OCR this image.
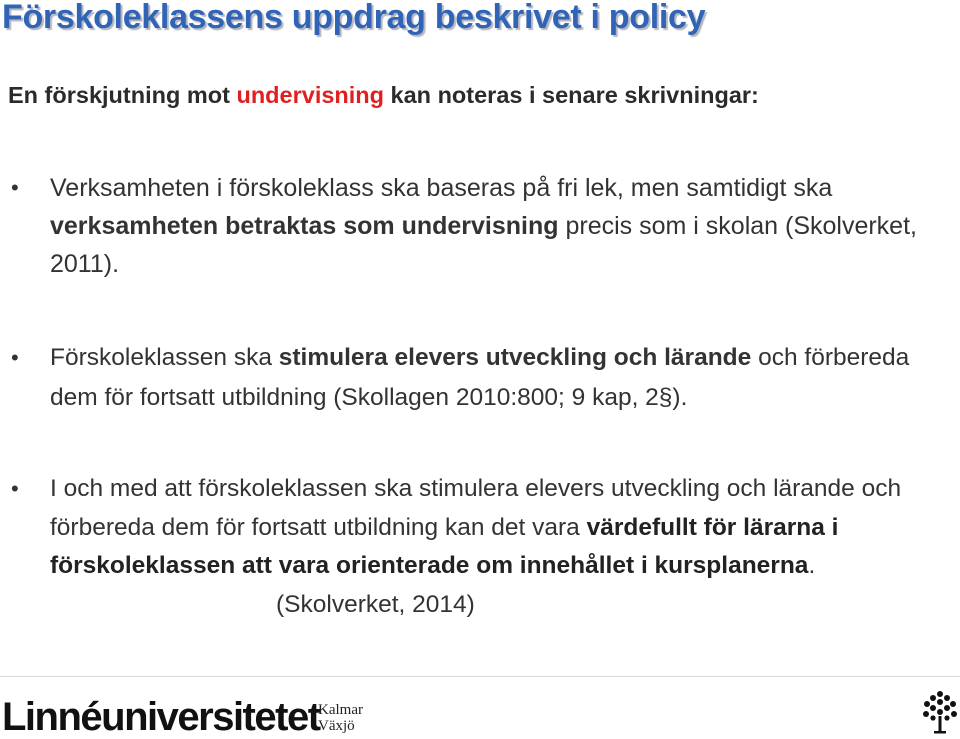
Förskoleklassens uppdrag beskrivet i policy
En förskjutning mot undervisning kan noteras i senare skrivningar:
• Verksamheten i förskoleklass ska baseras på fri lek, men samtidigt ska verksamheten betraktas som undervisning precis som i skolan (Skolverket, 2011).
• Förskoleklassen ska stimulera elevers utveckling och lärande och förbereda dem för fortsatt utbildning (Skollagen 2010:800; 9 kap, 2§).
• I och med att förskoleklassen ska stimulera elevers utveckling och lärande och förbereda dem för fortsatt utbildning kan det vara värdefullt för lärarna i förskoleklassen att vara orienterade om innehållet i kursplanerna.(Skolverket, 2014)
Linnéuniversitetet
Kalmar
Växjö
